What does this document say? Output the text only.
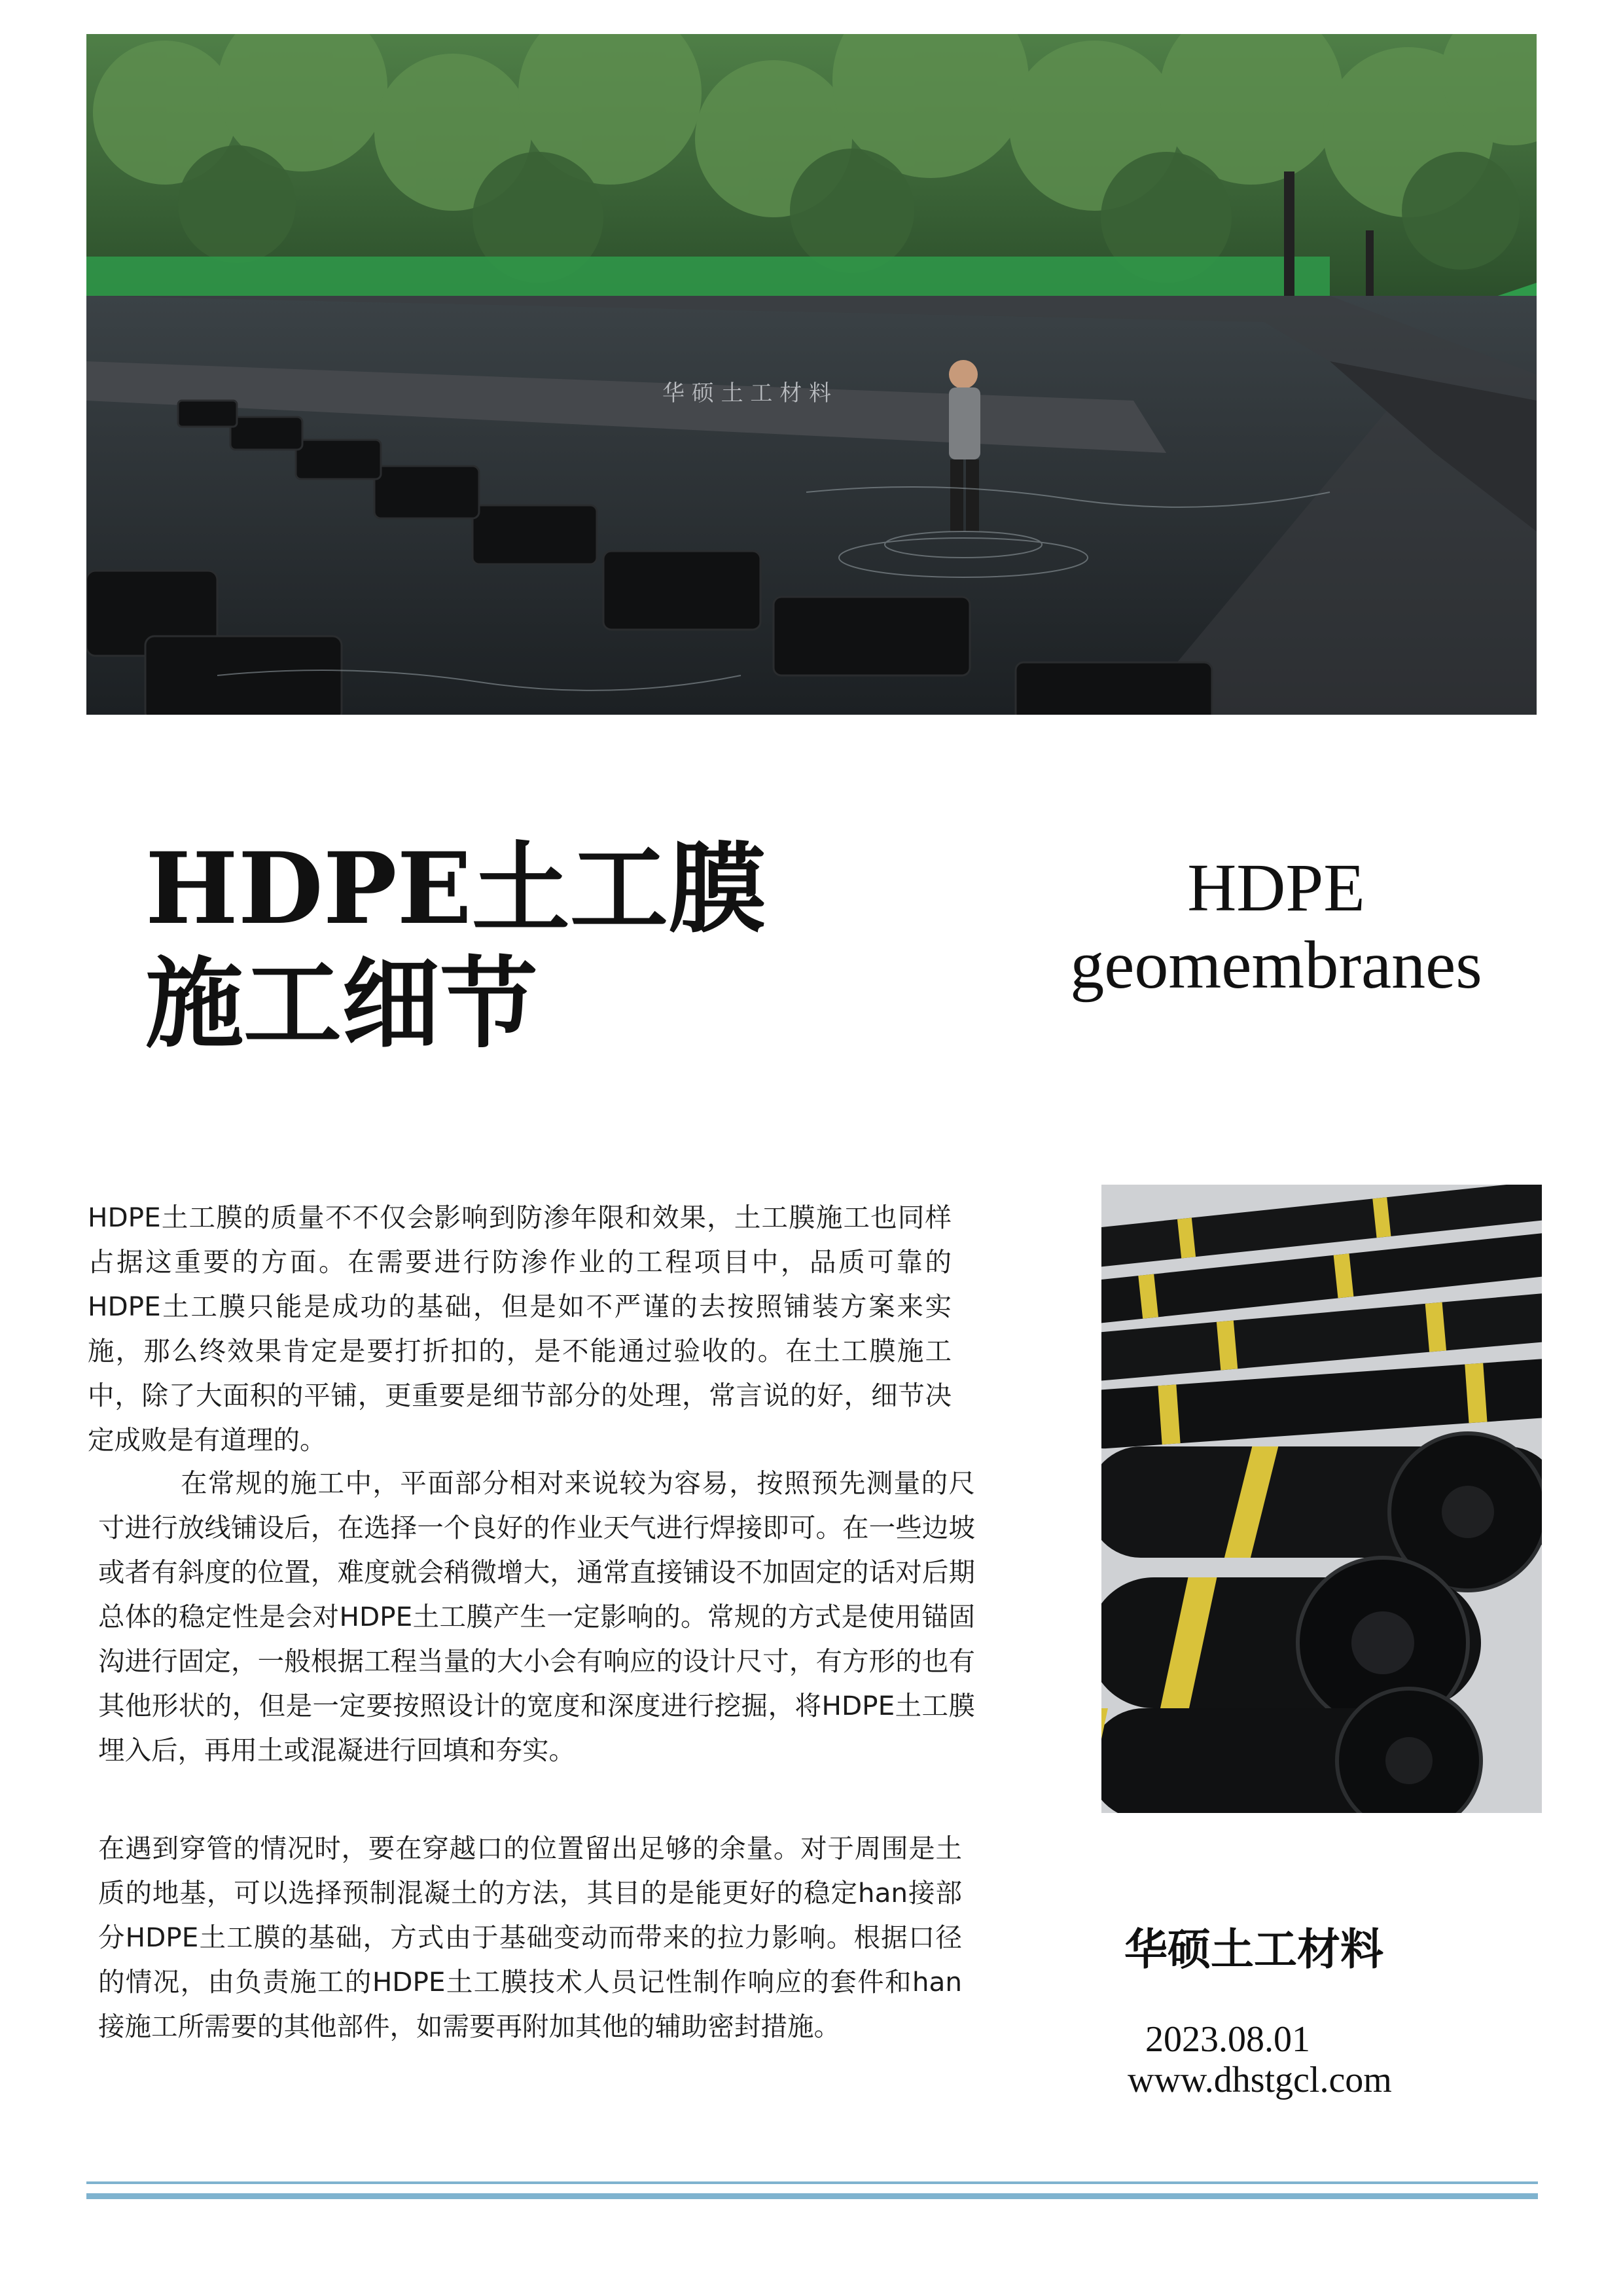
华 硕 土 工 材 料
HDPE土工膜
施工细节
HDPE
geomembranes

HDPE土工膜的质量不不仅会影响到防渗年限和效果，土工膜施工也同样占据这重要的方面。在需要进行防渗作业的工程项目中，品质可靠的HDPE土工膜只能是成功的基础，但是如不严谨的去按照铺装方案来实施，那么终效果肯定是要打折扣的，是不能通过验收的。在土工膜施工中，除了大面积的平铺，更重要是细节部分的处理，常言说的好，细节决定成败是有道理的。

在常规的施工中，平面部分相对来说较为容易，按照预先测量的尺寸进行放线铺设后，在选择一个良好的作业天气进行焊接即可。在一些边坡或者有斜度的位置，难度就会稍微增大，通常直接铺设不加固定的话对后期总体的稳定性是会对HDPE土工膜产生一定影响的。常规的方式是使用锚固沟进行固定，一般根据工程当量的大小会有响应的设计尺寸，有方形的也有其他形状的，但是一定要按照设计的宽度和深度进行挖掘，将HDPE土工膜埋入后，再用土或混凝进行回填和夯实。

在遇到穿管的情况时，要在穿越口的位置留出足够的余量。对于周围是土质的地基，可以选择预制混凝土的方法，其目的是能更好的稳定han接部分HDPE土工膜的基础，方式由于基础变动而带来的拉力影响。根据口径的情况，由负责施工的HDPE土工膜技术人员记性制作响应的套件和han接施工所需要的其他部件，如需要再附加其他的辅助密封措施。

华硕土工材料
2023.08.01
www.dhstgcl.com
